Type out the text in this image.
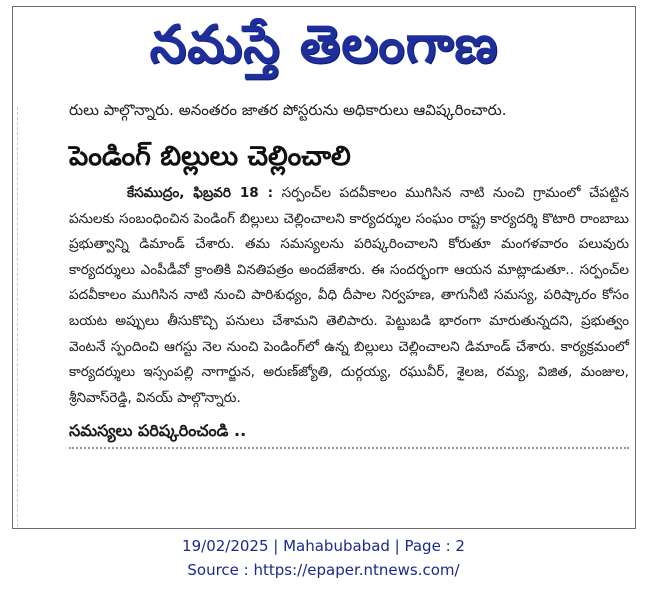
నమస్తే తెలంగాణ
రులు పాల్గొన్నారు. అనంతరం జాతర పోస్టరును అధికారులు ఆవిష్కరించారు.
పెండింగ్ బిల్లులు చెల్లించాలి
కేసముద్రం, ఫిబ్రవరి 18 : సర్పంచ్‌ల పదవీకాలం ముగిసిన నాటి నుంచి గ్రామంలో చేపట్టిన పనులకు సంబంధించిన పెండింగ్ బిల్లులు చెల్లించాలని కార్యదర్శుల సంఘం రాష్ట్ర కార్యదర్శి కొటారి రాంబాబు ప్రభుత్వాన్ని డిమాండ్ చేశారు. తమ సమస్యలను పరిష్కరించాలని కోరుతూ మంగళవారం పలువురు కార్యదర్శులు ఎంపీడీవో క్రాంతికి వినతిపత్రం అందజేశారు. ఈ సందర్భంగా ఆయన మాట్లాడుతూ.. సర్పంచ్‌ల పదవీకాలం ముగిసిన నాటి నుంచి పారిశుధ్యం, వీధి దీపాల నిర్వహణ, తాగునీటి సమస్య, పరిష్కారం కోసం బయట అప్పులు తీసుకొచ్చి పనులు చేశామని తెలిపారు. పెట్టుబడి భారంగా మారుతున్నదని, ప్రభుత్వం వెంటనే స్పందించి ఆగస్టు నెల నుంచి పెండింగ్‌లో ఉన్న బిల్లులు చెల్లించాలని డిమాండ్ చేశారు. కార్యక్రమంలో కార్యదర్శులు ఇస్సంపల్లి నాగార్జున, అరుణ్‌జ్యోతి, దుర్గయ్య, రఘువీర్, శైలజ, రమ్య, విజిత, మంజుల, శ్రీనివాస్‌రెడ్డి, వినయ్ పాల్గొన్నారు.
సమస్యలు పరిష్కరించండి ..
19/02/2025 | Mahabubabad | Page : 2
Source : https://epaper.ntnews.com/
